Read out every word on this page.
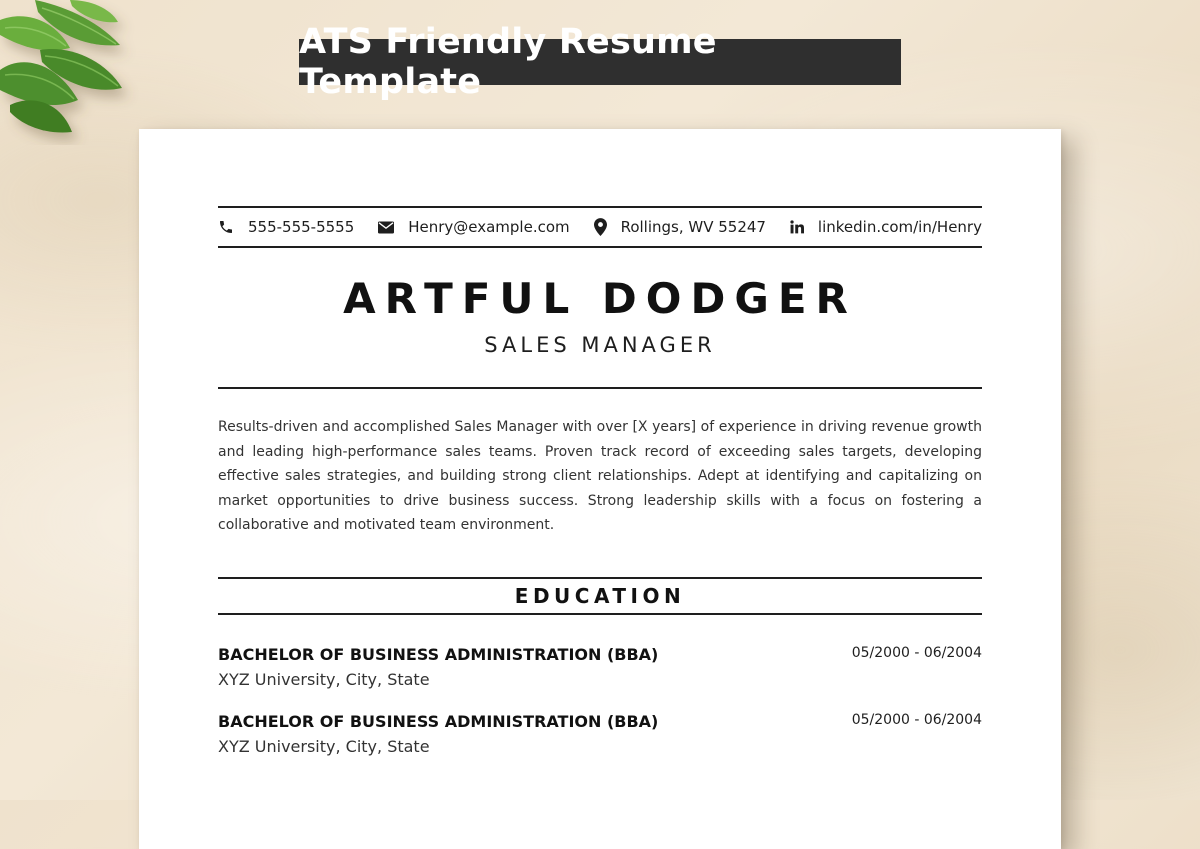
ATS Friendly Resume Template
555-555-5555	Henry@example.com	Rollings, WV 55247	linkedin.com/in/Henry
ARTFUL DODGER
SALES MANAGER

Results-driven and accomplished Sales Manager with over [X years] of experience in driving revenue growth and leading high-performance sales teams. Proven track record of exceeding sales targets, developing effective sales strategies, and building strong client relationships. Adept at identifying and capitalizing on market opportunities to drive business success. Strong leadership skills with a focus on fostering a collaborative and motivated team environment.

EDUCATION
BACHELOR OF BUSINESS ADMINISTRATION (BBA)
XYZ University, City, State
05/2000 - 06/2004
BACHELOR OF BUSINESS ADMINISTRATION (BBA)
XYZ University, City, State
05/2000 - 06/2004
